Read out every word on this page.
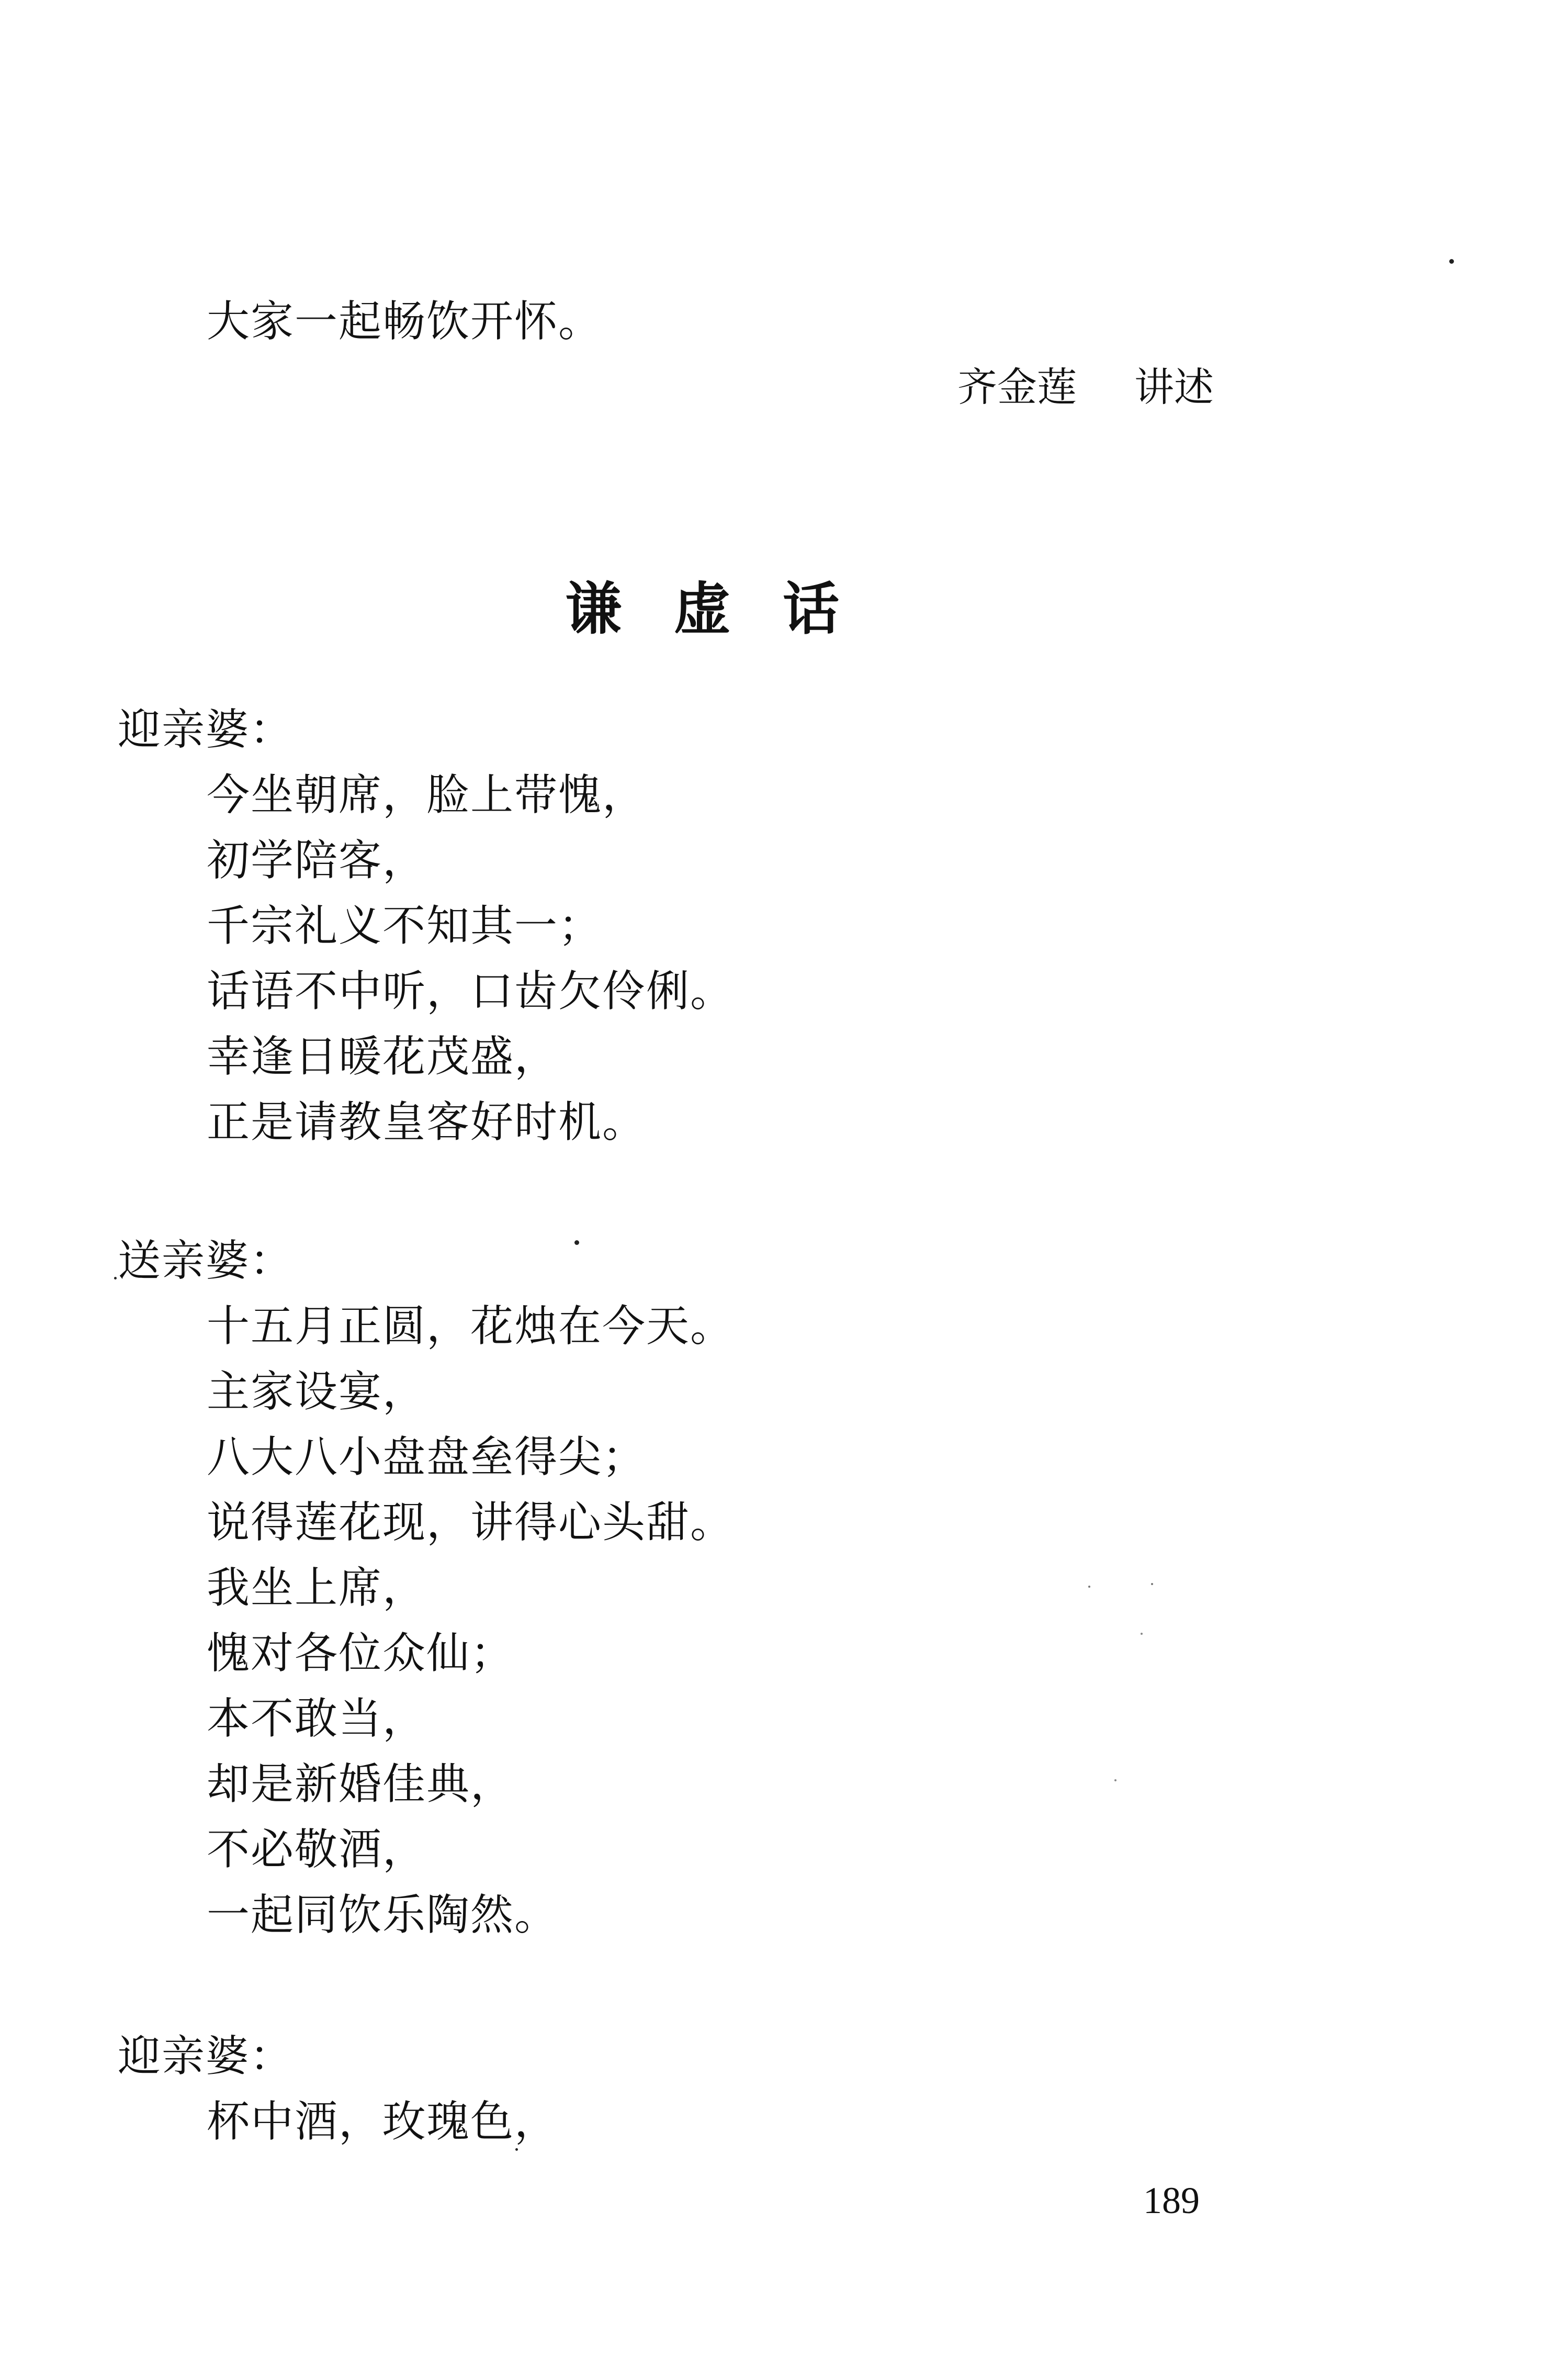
大家一起畅饮开怀。
齐金莲 讲述
谦虚话
迎亲婆：
今坐朝席，脸上带愧，
初学陪客，
千宗礼义不知其一；
话语不中听，口齿欠伶俐。
幸逢日暖花茂盛，
正是请教皇客好时机。
送亲婆：
十五月正圆，花烛在今天。
主家设宴，
八大八小盘盘垒得尖；
说得莲花现，讲得心头甜。
我坐上席，
愧对各位众仙；
本不敢当，
却是新婚佳典，
不必敬酒，
一起同饮乐陶然。
迎亲婆：
杯中酒，玫瑰色，
189
